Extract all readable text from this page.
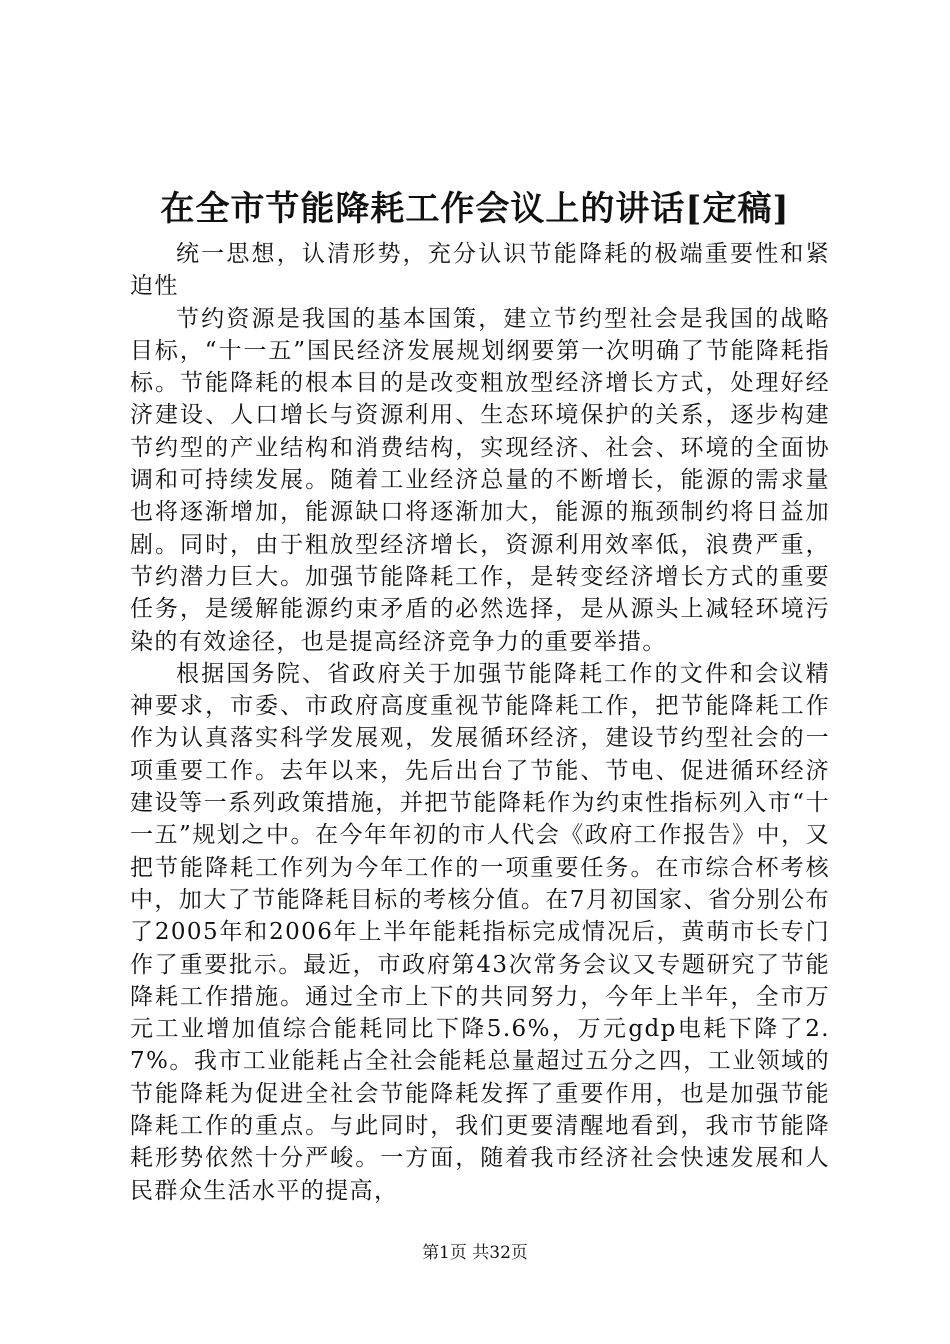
在全市节能降耗工作会议上的讲话[定稿]

统一思想，认清形势，充分认识节能降耗的极端重要性和紧迫性

节约资源是我国的基本国策，建立节约型社会是我国的战略目标，“十一五”国民经济发展规划纲要第一次明确了节能降耗指标。节能降耗的根本目的是改变粗放型经济增长方式，处理好经济建设、人口增长与资源利用、生态环境保护的关系，逐步构建节约型的产业结构和消费结构，实现经济、社会、环境的全面协调和可持续发展。随着工业经济总量的不断增长，能源的需求量也将逐渐增加，能源缺口将逐渐加大，能源的瓶颈制约将日益加剧。同时，由于粗放型经济增长，资源利用效率低，浪费严重，节约潜力巨大。加强节能降耗工作，是转变经济增长方式的重要任务，是缓解能源约束矛盾的必然选择，是从源头上减轻环境污染的有效途径，也是提高经济竞争力的重要举措。

根据国务院、省政府关于加强节能降耗工作的文件和会议精神要求，市委、市政府高度重视节能降耗工作，把节能降耗工作作为认真落实科学发展观，发展循环经济，建设节约型社会的一项重要工作。去年以来，先后出台了节能、节电、促进循环经济建设等一系列政策措施，并把节能降耗作为约束性指标列入市“十一五”规划之中。在今年年初的市人代会《政府工作报告》中，又把节能降耗工作列为今年工作的一项重要任务。在市综合杯考核中，加大了节能降耗目标的考核分值。在7月初国家、省分别公布了2005年和2006年上半年能耗指标完成情况后，黄萌市长专门作了重要批示。最近，市政府第43次常务会议又专题研究了节能降耗工作措施。通过全市上下的共同努力，今年上半年，全市万元工业增加值综合能耗同比下降5.6%，万元gdp电耗下降了2.7%。我市工业能耗占全社会能耗总量超过五分之四，工业领域的节能降耗为促进全社会节能降耗发挥了重要作用，也是加强节能降耗工作的重点。与此同时，我们更要清醒地看到，我市节能降耗形势依然十分严峻。一方面，随着我市经济社会快速发展和人民群众生活水平的提高，

第1页 共32页
